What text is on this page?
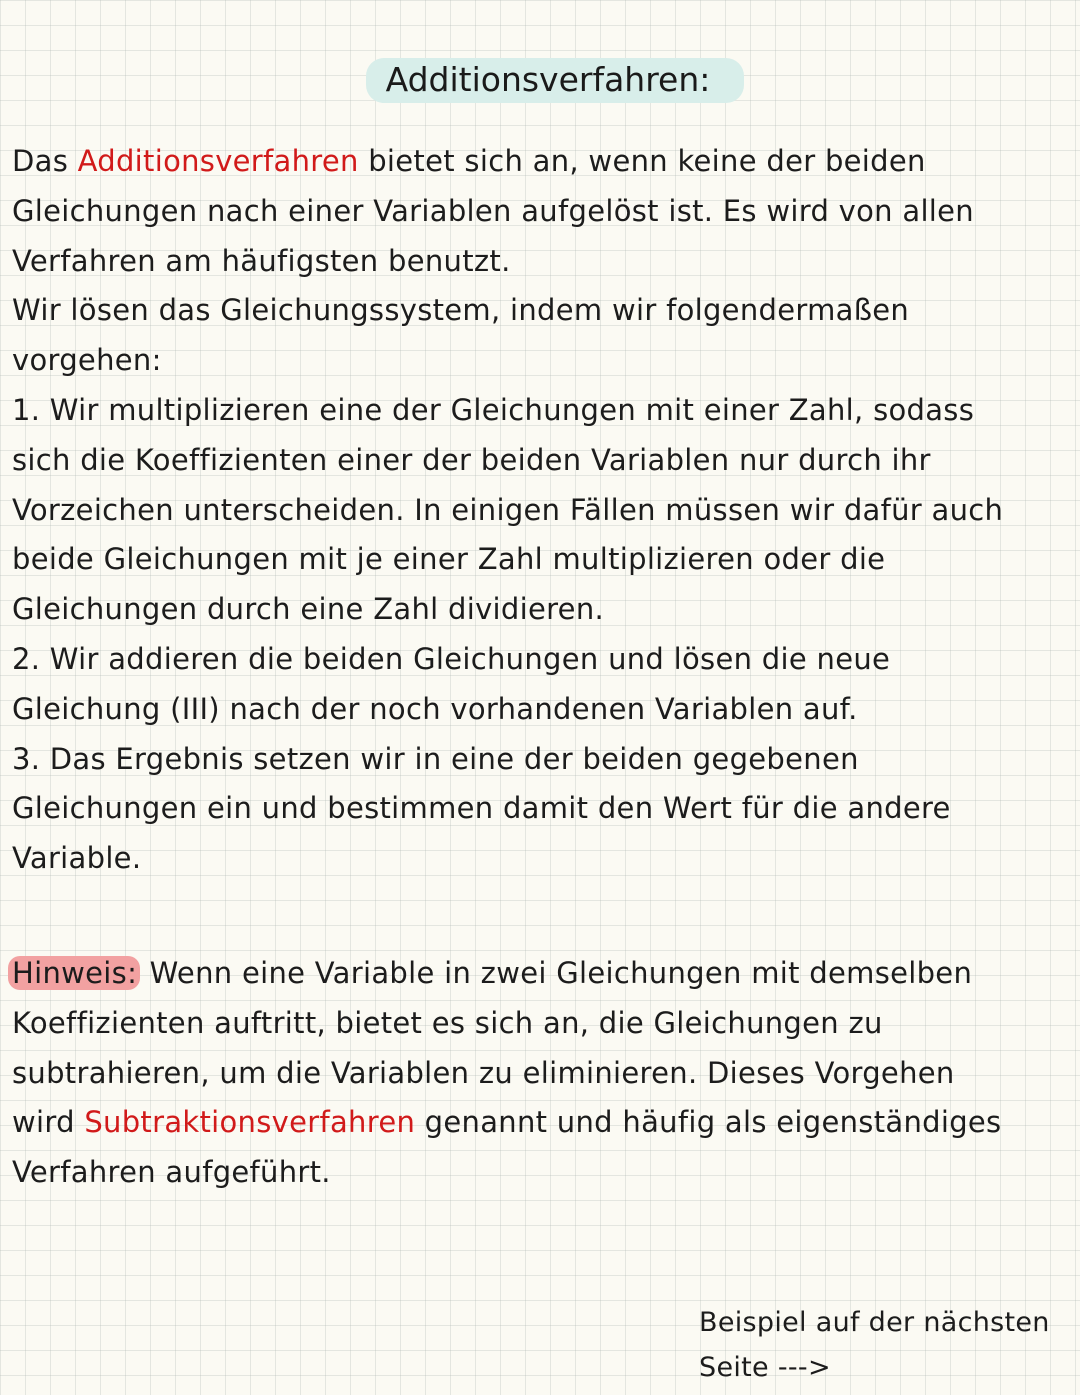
Additionsverfahren:
Das Additionsverfahren bietet sich an, wenn keine der beiden
Gleichungen nach einer Variablen aufgelöst ist. Es wird von allen
Verfahren am häufigsten benutzt.
Wir lösen das Gleichungssystem, indem wir folgendermaßen
vorgehen:
1. Wir multiplizieren eine der Gleichungen mit einer Zahl, sodass
sich die Koeffizienten einer der beiden Variablen nur durch ihr
Vorzeichen unterscheiden. In einigen Fällen müssen wir dafür auch
beide Gleichungen mit je einer Zahl multiplizieren oder die
Gleichungen durch eine Zahl dividieren.
2. Wir addieren die beiden Gleichungen und lösen die neue
Gleichung (III) nach der noch vorhandenen Variablen auf.
3. Das Ergebnis setzen wir in eine der beiden gegebenen
Gleichungen ein und bestimmen damit den Wert für die andere
Variable.
Hinweis: Wenn eine Variable in zwei Gleichungen mit demselben
Koeffizienten auftritt, bietet es sich an, die Gleichungen zu
subtrahieren, um die Variablen zu eliminieren. Dieses Vorgehen
wird Subtraktionsverfahren genannt und häufig als eigenständiges
Verfahren aufgeführt.
Beispiel auf der nächsten
Seite --->
